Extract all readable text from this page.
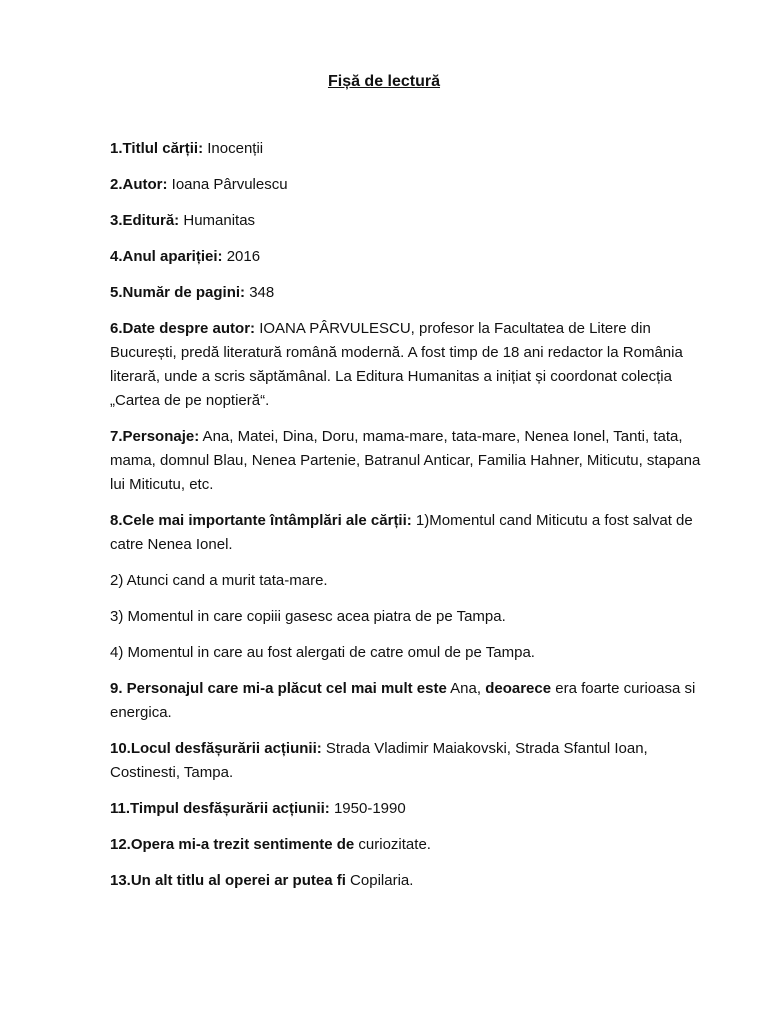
Fișă de lectură

1.Titlul cărții: Inocenții

2.Autor: Ioana Pârvulescu

3.Editură: Humanitas

4.Anul apariției: 2016

5.Număr de pagini: 348

6.Date despre autor: IOANA PÂRVULESCU, profesor la Facultatea de Litere din București, predă literatură română modernă. A fost timp de 18 ani redactor la România literară, unde a scris săptămânal. La Editura Humanitas a inițiat și coordonat colecția „Cartea de pe noptieră“.

7.Personaje: Ana, Matei, Dina, Doru, mama-mare, tata-mare, Nenea Ionel, Tanti, tata, mama, domnul Blau, Nenea Partenie, Batranul Anticar, Familia Hahner, Miticutu, stapana lui Miticutu, etc.

8.Cele mai importante întâmplări ale cărții: 1)Momentul cand Miticutu a fost salvat de catre Nenea Ionel.

2) Atunci cand a murit tata-mare.

3) Momentul in care copiii gasesc acea piatra de pe Tampa.

4) Momentul in care au fost alergati de catre omul de pe Tampa.

9. Personajul care mi-a plăcut cel mai mult este Ana, deoarece era foarte curioasa si energica.

10.Locul desfășurării acțiunii: Strada Vladimir Maiakovski, Strada Sfantul Ioan, Costinesti, Tampa.

11.Timpul desfășurării acțiunii: 1950-1990

12.Opera mi-a trezit sentimente de curiozitate.

13.Un alt titlu al operei ar putea fi Copilaria.
